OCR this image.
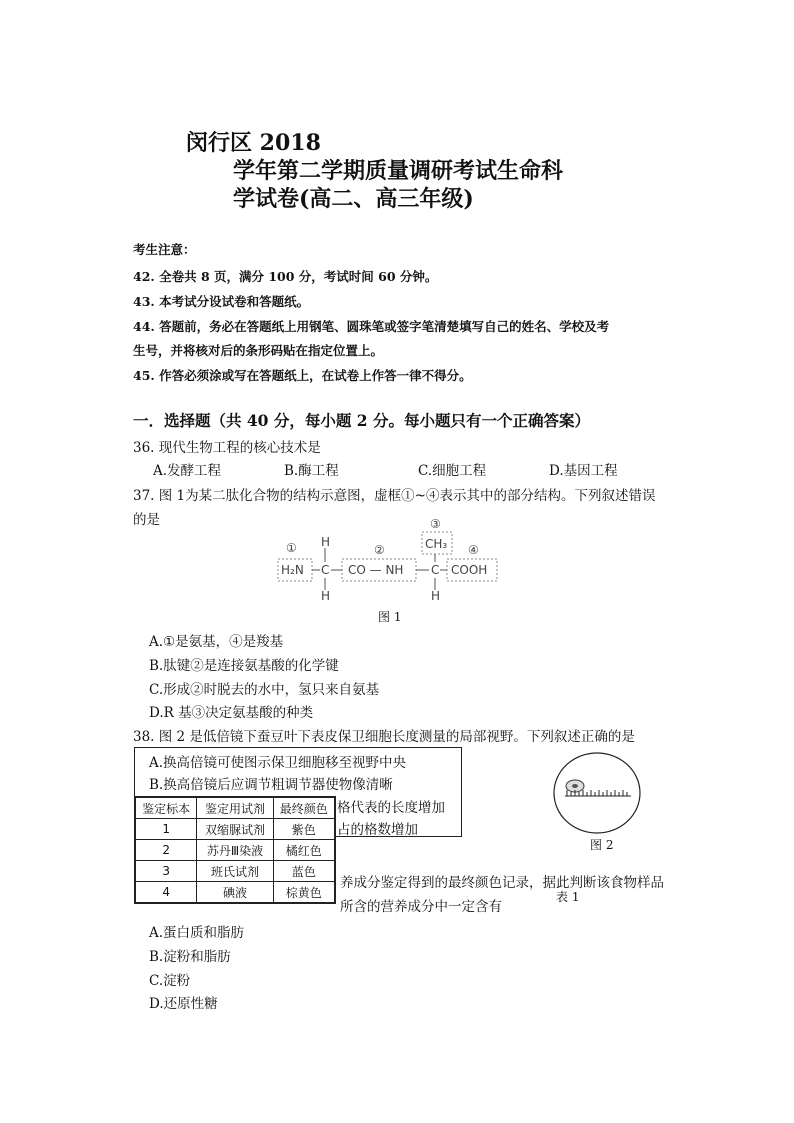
闵行区 2018
学年第二学期质量调研考试生命科
学试卷(高二、高三年级)
考生注意：
42. 全卷共 8 页，满分 100 分，考试时间 60 分钟。
43. 本考试分设试卷和答题纸。
44. 答题前，务必在答题纸上用钢笔、圆珠笔或签字笔清楚填写自己的姓名、学校及考
生号，并将核对后的条形码贴在指定位置上。
45. 作答必须涂或写在答题纸上，在试卷上作答一律不得分。
一．选择题（共 40 分，每小题 2 分。每小题只有一个正确答案）
36. 现代生物工程的核心技术是
A.发酵工程	B.酶工程	C.细胞工程	D.基因工程
37. 图 1为某二肽化合物的结构示意图，虚框①~④表示其中的部分结构。下列叙述错误
的是
①	②
③
④
H
H₂N C
H
CO — NH
CH₃
C
H
COOH
图 1
A.①是氨基，④是羧基
B.肽键②是连接氨基酸的化学键
C.形成②时脱去的水中，氢只来自氨基
D.R 基③决定氨基酸的种类
38. 图 2 是低倍镜下蚕豆叶下表皮保卫细胞长度测量的局部视野。下列叙述正确的是
A.换高倍镜可使图示保卫细胞移至视野中央
B.换高倍镜后应调节粗调节器使物像清晰
格代表的长度增加
占的格数增加
图 2
鉴定标本	鉴定用试剂	最终颜色
1	双缩脲试剂	紫色
2	苏丹Ⅲ染液	橘红色
3	班氏试剂	蓝色
4	碘液	棕黄色
养成分鉴定得到的最终颜色记录，据此判断该食物样品
表 1
所含的营养成分中一定含有
A.蛋白质和脂肪
B.淀粉和脂肪
C.淀粉
D.还原性糖
